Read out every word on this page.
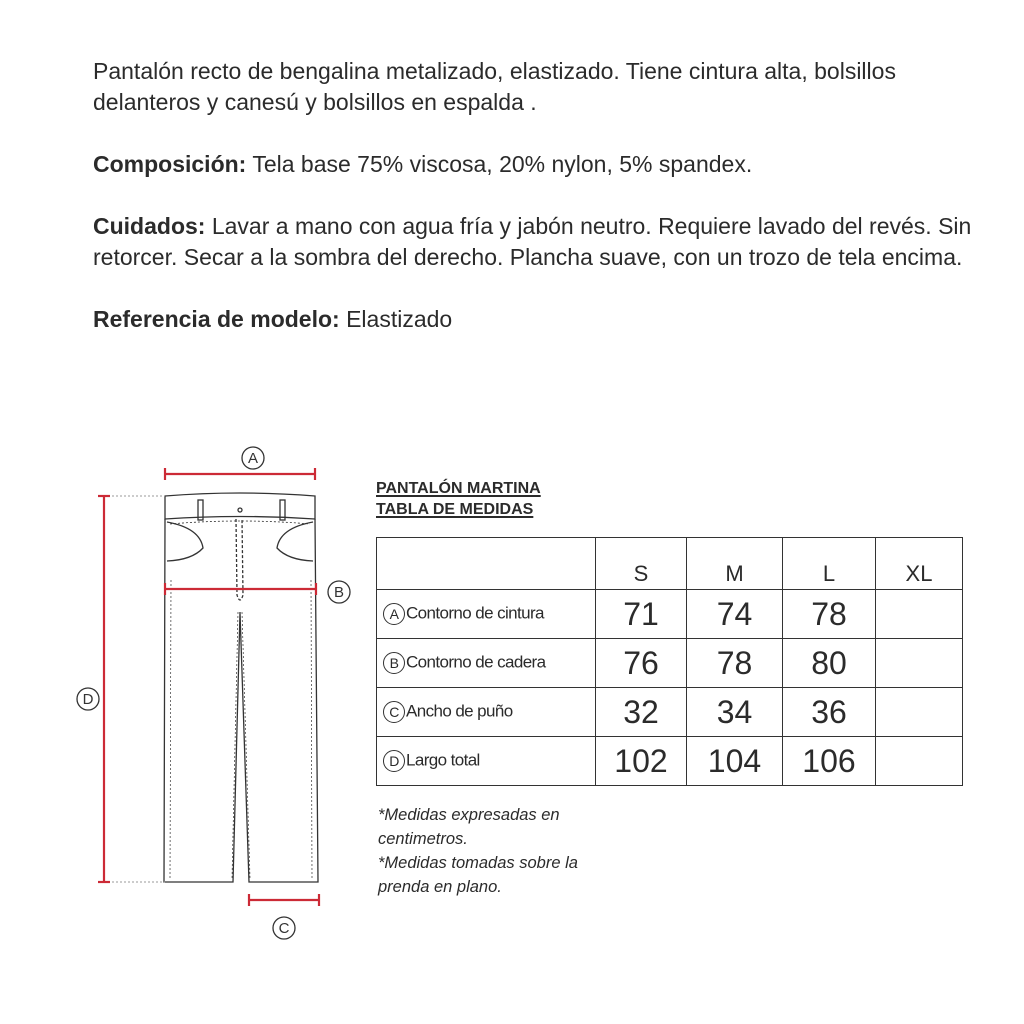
Pantalón recto de bengalina metalizado, elastizado. Tiene cintura alta, bolsillos delanteros y canesú y bolsillos en espalda .

Composición: Tela base 75% viscosa, 20% nylon, 5% spandex.

Cuidados: Lavar a mano con agua fría y jabón neutro. Requiere lavado del revés. Sin retorcer. Secar a la sombra del derecho. Plancha suave, con un trozo de tela encima.

Referencia de modelo: Elastizado

A
B
C
D
PANTALÓN MARTINA
TABLA DE MEDIDAS
	S	M	L	XL
A Contorno de cintura	71	74	78	
B Contorno de cadera	76	78	80	
C Ancho de puño	32	34	36	
D Largo total	102	104	106	
*Medidas expresadas en
centimetros.
*Medidas tomadas sobre la
prenda en plano.
